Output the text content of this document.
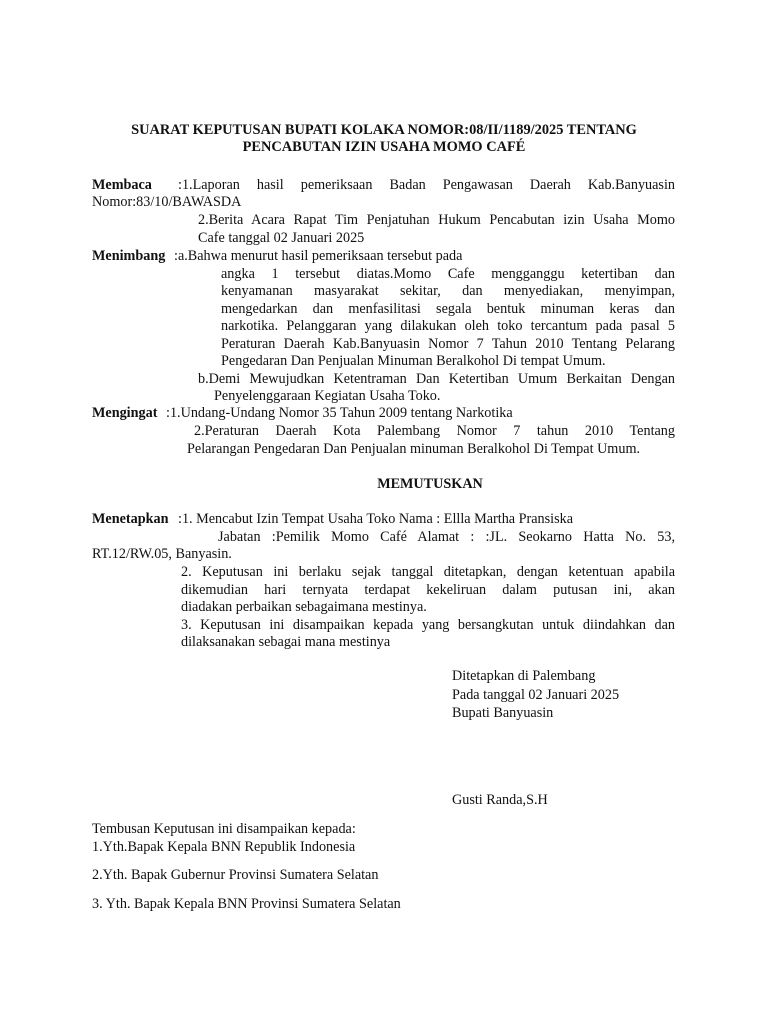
SUARAT KEPUTUSAN BUPATI KOLAKA NOMOR:08/II/1189/2025 TENTANG
PENCABUTAN IZIN USAHA MOMO CAFÉ
Membaca :1.Laporan hasil pemeriksaan Badan Pengawasan Daerah Kab.Banyuasin
Nomor:83/10/BAWASDA
2.Berita Acara Rapat Tim Penjatuhan Hukum Pencabutan izin Usaha Momo
Cafe tanggal 02 Januari 2025
Menimbang :a.Bahwa menurut hasil pemeriksaan tersebut pada
angka 1 tersebut diatas.Momo Cafe mengganggu ketertiban dan
kenyamanan masyarakat sekitar, dan menyediakan, menyimpan,
mengedarkan dan menfasilitasi segala bentuk minuman keras dan
narkotika. Pelanggaran yang dilakukan oleh toko tercantum pada pasal 5
Peraturan Daerah Kab.Banyuasin Nomor 7 Tahun 2010 Tentang Pelarang
Pengedaran Dan Penjualan Minuman Beralkohol Di tempat Umum.
b.Demi Mewujudkan Ketentraman Dan Ketertiban Umum Berkaitan Dengan
Penyelenggaraan Kegiatan Usaha Toko.
Mengingat :1.Undang-Undang Nomor 35 Tahun 2009 tentang Narkotika
2.Peraturan Daerah Kota Palembang Nomor 7 tahun 2010 Tentang
Pelarangan Pengedaran Dan Penjualan minuman Beralkohol Di Tempat Umum.
MEMUTUSKAN
Menetapkan :1. Mencabut Izin Tempat Usaha Toko Nama : Ellla Martha Pransiska
Jabatan :Pemilik Momo Café Alamat : :JL. Seokarno Hatta No. 53,
RT.12/RW.05, Banyasin.
2. Keputusan ini berlaku sejak tanggal ditetapkan, dengan ketentuan apabila
dikemudian hari ternyata terdapat kekeliruan dalam putusan ini, akan
diadakan perbaikan sebagaimana mestinya.
3. Keputusan ini disampaikan kepada yang bersangkutan untuk diindahkan dan
dilaksanakan sebagai mana mestinya
Ditetapkan di Palembang
Pada tanggal 02 Januari 2025
Bupati Banyuasin
Gusti Randa,S.H
Tembusan Keputusan ini disampaikan kepada:
1.Yth.Bapak Kepala BNN Republik Indonesia
2.Yth. Bapak Gubernur Provinsi Sumatera Selatan
3. Yth. Bapak Kepala BNN Provinsi Sumatera Selatan
